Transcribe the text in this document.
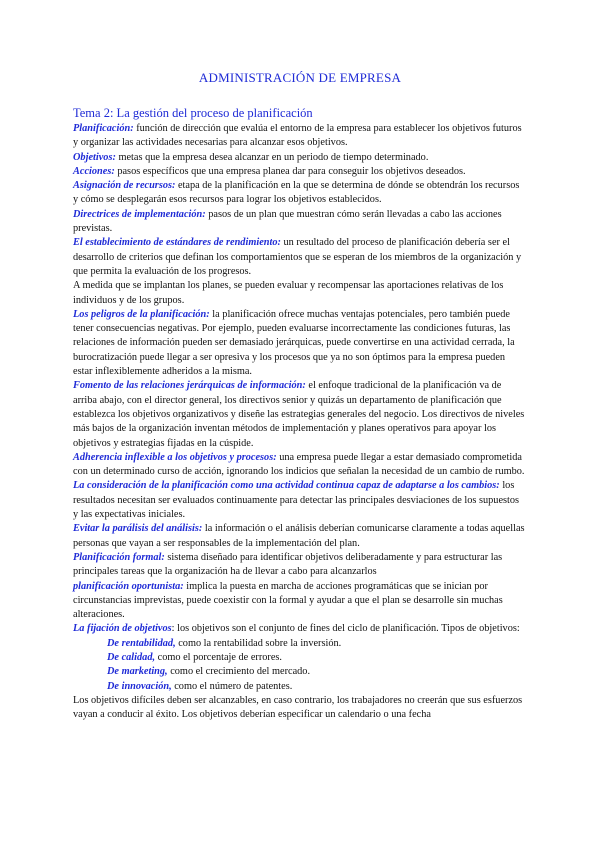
ADMINISTRACIÓN DE EMPRESA
Tema 2: La gestión del proceso de planificación

Planificación: función de dirección que evalúa el entorno de la empresa para establecer los objetivos futuros y organizar las actividades necesarias para alcanzar esos objetivos.

Objetivos: metas que la empresa desea alcanzar en un periodo de tiempo determinado.

Acciones: pasos específicos que una empresa planea dar para conseguir los objetivos deseados.

Asignación de recursos: etapa de la planificación en la que se determina de dónde se obtendrán los recursos y cómo se desplegarán esos recursos para lograr los objetivos establecidos.

Directrices de implementación: pasos de un plan que muestran cómo serán llevadas a cabo las acciones previstas.

El establecimiento de estándares de rendimiento: un resultado del proceso de planificación debería ser el desarrollo de criterios que definan los comportamientos que se esperan de los miembros de la organización y que permita la evaluación de los progresos.

A medida que se implantan los planes, se pueden evaluar y recompensar las aportaciones relativas de los individuos y de los grupos.

Los peligros de la planificación: la planificación ofrece muchas ventajas potenciales, pero también puede tener consecuencias negativas. Por ejemplo, pueden evaluarse incorrectamente las condiciones futuras, las relaciones de información pueden ser demasiado jerárquicas, puede convertirse en una actividad cerrada, la burocratización puede llegar a ser opresiva y los procesos que ya no son óptimos para la empresa pueden estar inflexiblemente adheridos a la misma.

Fomento de las relaciones jerárquicas de información: el enfoque tradicional de la planificación va de arriba abajo, con el director general, los directivos senior y quizás un departamento de planificación que establezca los objetivos organizativos y diseñe las estrategias generales del negocio. Los directivos de niveles más bajos de la organización inventan métodos de implementación y planes operativos para apoyar los objetivos y estrategias fijadas en la cúspide.

Adherencia inflexible a los objetivos y procesos: una empresa puede llegar a estar demasiado comprometida con un determinado curso de acción, ignorando los indicios que señalan la necesidad de un cambio de rumbo.

La consideración de la planificación como una actividad continua capaz de adaptarse a los cambios: los resultados necesitan ser evaluados continuamente para detectar las principales desviaciones de los supuestos y las expectativas iniciales.

Evitar la parálisis del análisis: la información o el análisis deberían comunicarse claramente a todas aquellas personas que vayan a ser responsables de la implementación del plan.

Planificación formal: sistema diseñado para identificar objetivos deliberadamente y para estructurar las principales tareas que la organización ha de llevar a cabo para alcanzarlos

planificación oportunista: implica la puesta en marcha de acciones programáticas que se inician por circunstancias imprevistas, puede coexistir con la formal y ayudar a que el plan se desarrolle sin muchas alteraciones.

La fijación de objetivos: los objetivos son el conjunto de fines del ciclo de planificación. Tipos de objetivos:

De rentabilidad, como la rentabilidad sobre la inversión.

De calidad, como el porcentaje de errores.

De marketing, como el crecimiento del mercado.

De innovación, como el número de patentes.

Los objetivos difíciles deben ser alcanzables, en caso contrario, los trabajadores no creerán que sus esfuerzos vayan a conducir al éxito. Los objetivos deberían especificar un calendario o una fecha
